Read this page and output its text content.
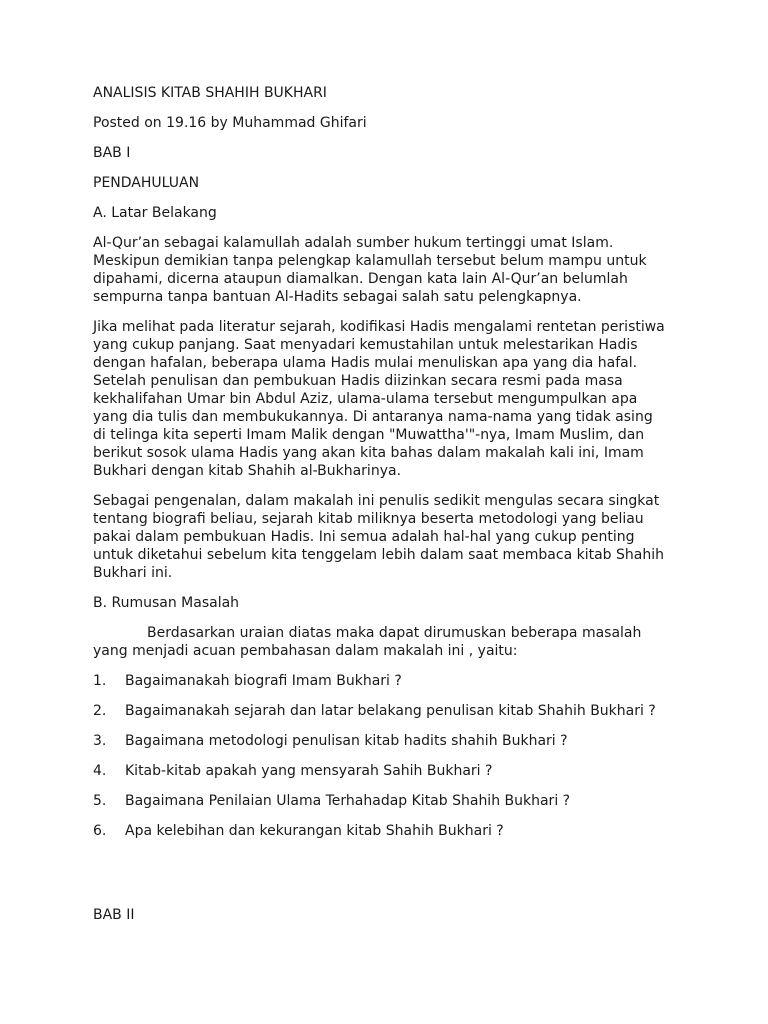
ANALISIS KITAB SHAHIH BUKHARI
Posted on 19.16 by Muhammad Ghifari
BAB I
PENDAHULUAN
A. Latar Belakang
Al-Qur’an sebagai kalamullah adalah sumber hukum tertinggi umat Islam.
Meskipun demikian tanpa pelengkap kalamullah tersebut belum mampu untuk
dipahami, dicerna ataupun diamalkan. Dengan kata lain Al-Qur’an belumlah
sempurna tanpa bantuan Al-Hadits sebagai salah satu pelengkapnya.
Jika melihat pada literatur sejarah, kodifikasi Hadis mengalami rentetan peristiwa
yang cukup panjang. Saat menyadari kemustahilan untuk melestarikan Hadis
dengan hafalan, beberapa ulama Hadis mulai menuliskan apa yang dia hafal.
Setelah penulisan dan pembukuan Hadis diizinkan secara resmi pada masa
kekhalifahan Umar bin Abdul Aziz, ulama-ulama tersebut mengumpulkan apa
yang dia tulis dan membukukannya. Di antaranya nama-nama yang tidak asing
di telinga kita seperti Imam Malik dengan "Muwattha'"-nya, Imam Muslim, dan
berikut sosok ulama Hadis yang akan kita bahas dalam makalah kali ini, Imam
Bukhari dengan kitab Shahih al-Bukharinya.
Sebagai pengenalan, dalam makalah ini penulis sedikit mengulas secara singkat
tentang biografi beliau, sejarah kitab miliknya beserta metodologi yang beliau
pakai dalam pembukuan Hadis. Ini semua adalah hal-hal yang cukup penting
untuk diketahui sebelum kita tenggelam lebih dalam saat membaca kitab Shahih
Bukhari ini.
B. Rumusan Masalah
Berdasarkan uraian diatas maka dapat dirumuskan beberapa masalah
yang menjadi acuan pembahasan dalam makalah ini , yaitu:
1. Bagaimanakah biografi Imam Bukhari ?
2. Bagaimanakah sejarah dan latar belakang penulisan kitab Shahih Bukhari ?
3. Bagaimana metodologi penulisan kitab hadits shahih Bukhari ?
4. Kitab-kitab apakah yang mensyarah Sahih Bukhari ?
5. Bagaimana Penilaian Ulama Terhahadap Kitab Shahih Bukhari ?
6. Apa kelebihan dan kekurangan kitab Shahih Bukhari ?
BAB II
